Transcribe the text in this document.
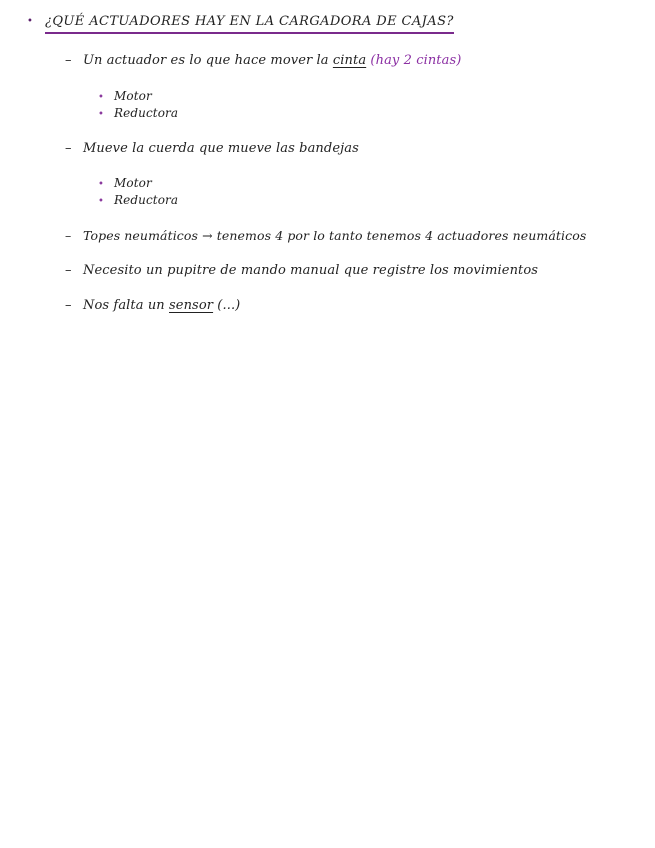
• ¿QUÉ ACTUADORES HAY EN LA CARGADORA DE CAJAS?
– Un actuador es lo que hace mover la cinta (hay 2 cintas)
• Motor
• Reductora
– Mueve la cuerda que mueve las bandejas
• Motor
• Reductora
– Topes neumáticos → tenemos 4 por lo tanto tenemos 4 actuadores neumáticos
– Necesito un pupitre de mando manual que registre los movimientos
– Nos falta un sensor (...)
